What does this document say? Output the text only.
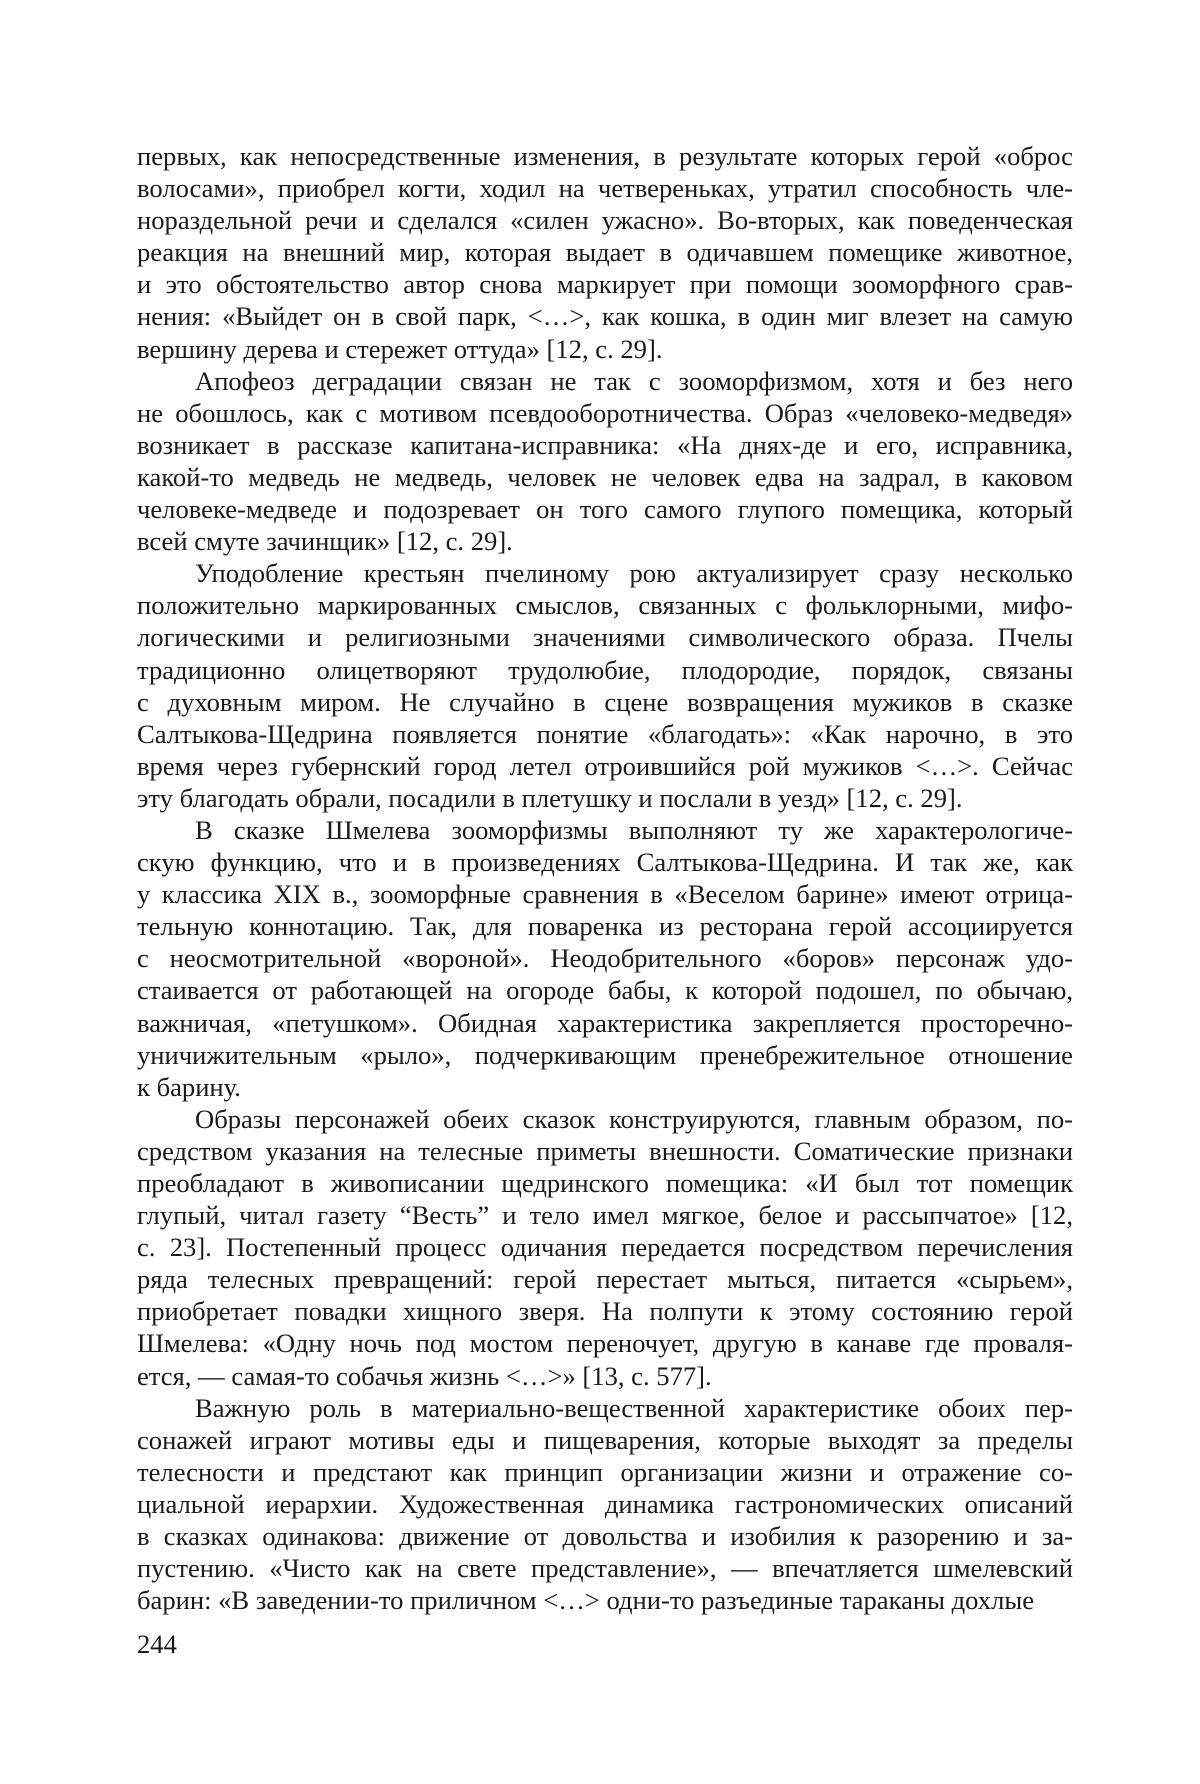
первых, как непосредственные изменения, в результате которых герой «оброс
волосами», приобрел когти, ходил на четвереньках, утратил способность чле-
нораздельной речи и сделался «силен ужасно». Во-вторых, как поведенческая
реакция на внешний мир, которая выдает в одичавшем помещике животное,
и это обстоятельство автор снова маркирует при помощи зооморфного срав-
нения: «Выйдет он в свой парк, <…>, как кошка, в один миг влезет на самую
вершину дерева и стережет оттуда» [12, с. 29].
Апофеоз деградации связан не так с зооморфизмом, хотя и без него
не обошлось, как с мотивом псевдооборотничества. Образ «человеко-медведя»
возникает в рассказе капитана-исправника: «На днях-де и его, исправника,
какой-то медведь не медведь, человек не человек едва на задрал, в каковом
человеке-медведе и подозревает он того самого глупого помещика, который
всей смуте зачинщик» [12, с. 29].
Уподобление крестьян пчелиному рою актуализирует сразу несколько
положительно маркированных смыслов, связанных с фольклорными, мифо-
логическими и религиозными значениями символического образа. Пчелы
традиционно олицетворяют трудолюбие, плодородие, порядок, связаны
с духовным миром. Не случайно в сцене возвращения мужиков в сказке
Салтыкова-Щедрина появляется понятие «благодать»: «Как нарочно, в это
время через губернский город летел отроившийся рой мужиков <…>. Сейчас
эту благодать обрали, посадили в плетушку и послали в уезд» [12, с. 29].
В сказке Шмелева зооморфизмы выполняют ту же характерологиче-
скую функцию, что и в произведениях Салтыкова-Щедрина. И так же, как
у классика XIX в., зооморфные сравнения в «Веселом барине» имеют отрица-
тельную коннотацию. Так, для поваренка из ресторана герой ассоциируется
с неосмотрительной «вороной». Неодобрительного «боров» персонаж удо-
стаивается от работающей на огороде бабы, к которой подошел, по обычаю,
важничая, «петушком». Обидная характеристика закрепляется просторечно-
уничижительным «рыло», подчеркивающим пренебрежительное отношение
к барину.
Образы персонажей обеих сказок конструируются, главным образом, по-
средством указания на телесные приметы внешности. Соматические признаки
преобладают в живописании щедринского помещика: «И был тот помещик
глупый, читал газету “Весть” и тело имел мягкое, белое и рассыпчатое» [12,
с. 23]. Постепенный процесс одичания передается посредством перечисления
ряда телесных превращений: герой перестает мыться, питается «сырьем»,
приобретает повадки хищного зверя. На полпути к этому состоянию герой
Шмелева: «Одну ночь под мостом переночует, другую в канаве где проваля-
ется, — самая-то собачья жизнь <…>» [13, с. 577].
Важную роль в материально-вещественной характеристике обоих пер-
сонажей играют мотивы еды и пищеварения, которые выходят за пределы
телесности и предстают как принцип организации жизни и отражение со-
циальной иерархии. Художественная динамика гастрономических описаний
в сказках одинакова: движение от довольства и изобилия к разорению и за-
пустению. «Чисто как на свете представление», — впечатляется шмелевский
барин: «В заведении-то приличном <…> одни-то разъединые тараканы дохлые
244
